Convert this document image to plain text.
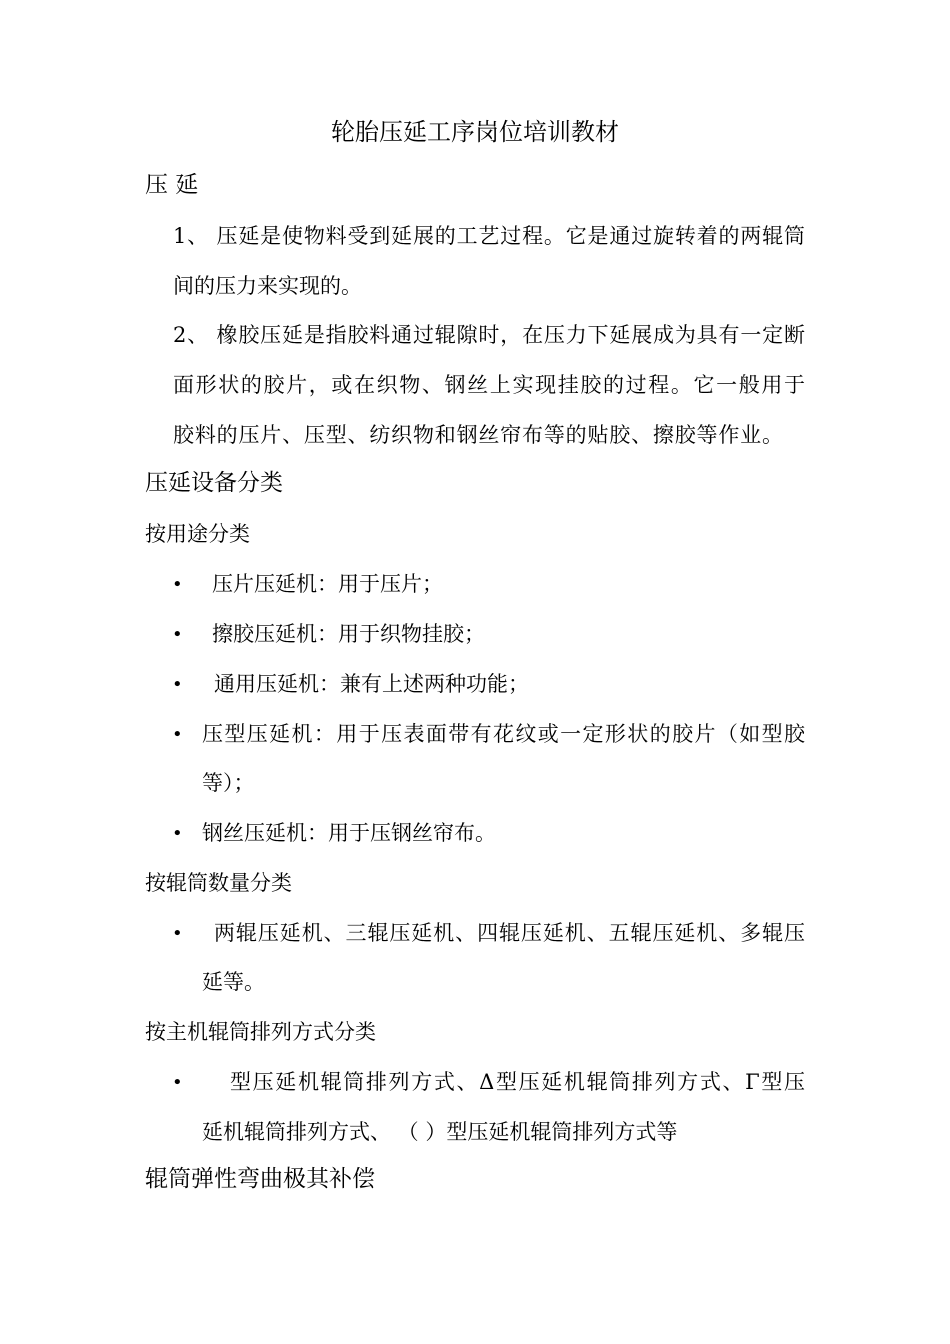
轮胎压延工序岗位培训教材
压 延
1、 压延是使物料受到延展的工艺过程。它是通过旋转着的两辊筒
间的压力来实现的。
2、 橡胶压延是指胶料通过辊隙时，在压力下延展成为具有一定断
面形状的胶片，或在织物、钢丝上实现挂胶的过程。它一般用于
胶料的压片、压型、纺织物和钢丝帘布等的贴胶、擦胶等作业。
压延设备分类
按用途分类
• 压片压延机：用于压片；
• 擦胶压延机：用于织物挂胶；
• 通用压延机：兼有上述两种功能；
• 压型压延机：用于压表面带有花纹或一定形状的胶片（如型胶
等）；
• 钢丝压延机：用于压钢丝帘布。
按辊筒数量分类
• 两辊压延机、三辊压延机、四辊压延机、五辊压延机、多辊压
延等。
按主机辊筒排列方式分类
• 型压延机辊筒排列方式、Δ型压延机辊筒排列方式、Γ型压
延机辊筒排列方式、 （ ）型压延机辊筒排列方式等
辊筒弹性弯曲极其补偿
